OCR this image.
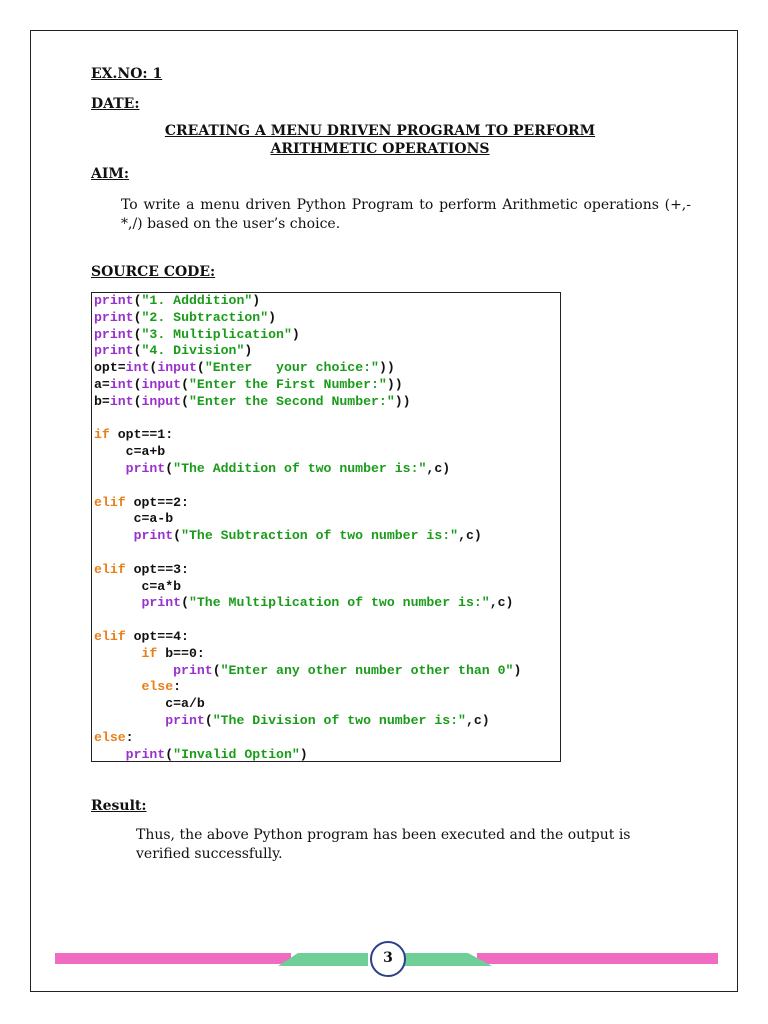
EX.NO: 1

DATE:

CREATING A MENU DRIVEN PROGRAM TO PERFORM ARITHMETIC OPERATIONS

AIM:

To write a menu driven Python Program to perform Arithmetic operations (+,-*,/) based on the user’s choice.

SOURCE CODE:

print("1. Adddition")
print("2. Subtraction")
print("3. Multiplication")
print("4. Division")
opt=int(input("Enter   your choice:"))
a=int(input("Enter the First Number:"))
b=int(input("Enter the Second Number:"))

if opt==1:
c=a+b
print("The Addition of two number is:",c)

elif opt==2:
c=a-b
print("The Subtraction of two number is:",c)

elif opt==3:
c=a*b
print("The Multiplication of two number is:",c)

elif opt==4:
if b==0:
print("Enter any other number other than 0")
else:
c=a/b
print("The Division of two number is:",c)
else:
print("Invalid Option")

Result:

Thus, the above Python program has been executed and the output is verified successfully.

3
